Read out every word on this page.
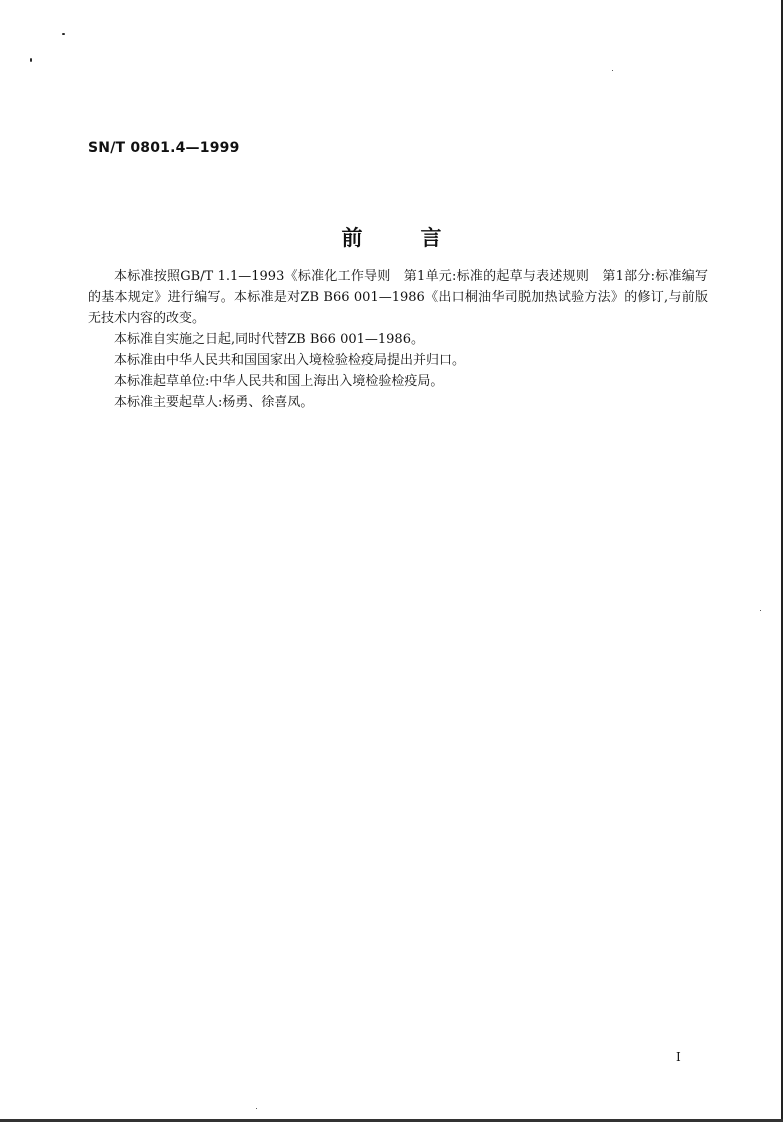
SN/T 0801.4—1999
前	言

本标准按照GB/T 1.1—1993《标准化工作导则　第1单元:标准的起草与表述规则　第1部分:标准编写的基本规定》进行编写。本标准是对ZB B66 001—1986《出口桐油华司脱加热试验方法》的修订,与前版无技术内容的改变。

本标准自实施之日起,同时代替ZB B66 001—1986。

本标准由中华人民共和国国家出入境检验检疫局提出并归口。

本标准起草单位:中华人民共和国上海出入境检验检疫局。

本标准主要起草人:杨勇、徐喜凤。

I
